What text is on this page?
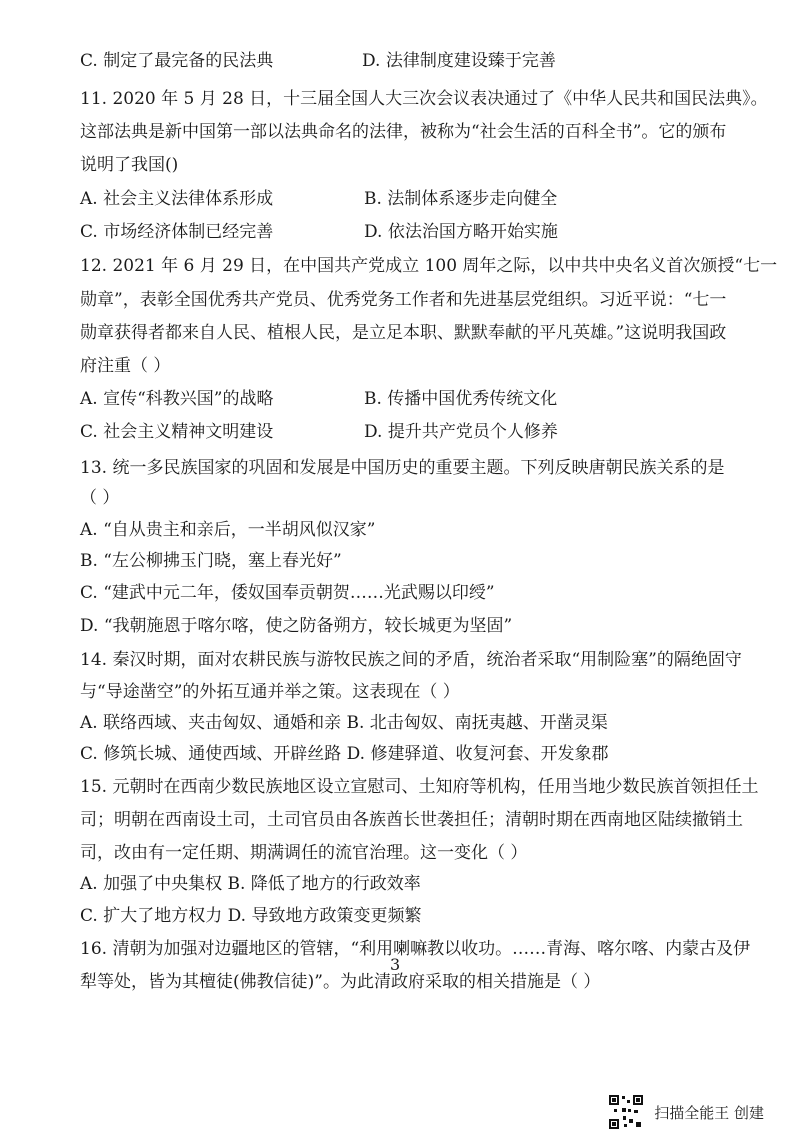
C. 制定了最完备的民法典	D. 法律制度建设臻于完善
11. 2020 年 5 月 28 日，十三届全国人大三次会议表决通过了《中华人民共和国民法典》。
这部法典是新中国第一部以法典命名的法律，被称为“社会生活的百科全书”。它的颁布
说明了我国()
A. 社会主义法律体系形成	B. 法制体系逐步走向健全
C. 市场经济体制已经完善	D. 依法治国方略开始实施
12. 2021 年 6 月 29 日，在中国共产党成立 100 周年之际，以中共中央名义首次颁授“七一
勋章”，表彰全国优秀共产党员、优秀党务工作者和先进基层党组织。习近平说：“七一
勋章获得者都来自人民、植根人民，是立足本职、默默奉献的平凡英雄。”这说明我国政
府注重（ ）
A. 宣传“科教兴国”的战略	B. 传播中国优秀传统文化
C. 社会主义精神文明建设	D. 提升共产党员个人修养
13. 统一多民族国家的巩固和发展是中国历史的重要主题。下列反映唐朝民族关系的是
（ ）
A. “自从贵主和亲后，一半胡风似汉家”
B. “左公柳拂玉门晓，塞上春光好”
C. “建武中元二年，倭奴国奉贡朝贺……光武赐以印绶”
D. “我朝施恩于喀尔喀，使之防备朔方，较长城更为坚固”
14. 秦汉时期，面对农耕民族与游牧民族之间的矛盾，统治者采取“用制险塞”的隔绝固守
与“导途凿空”的外拓互通并举之策。这表现在（ ）
A. 联络西域、夹击匈奴、通婚和亲 B. 北击匈奴、南抚夷越、开凿灵渠
C. 修筑长城、通使西域、开辟丝路 D. 修建驿道、收复河套、开发象郡
15. 元朝时在西南少数民族地区设立宣慰司、土知府等机构，任用当地少数民族首领担任土
司；明朝在西南设土司，土司官员由各族酋长世袭担任；清朝时期在西南地区陆续撤销土
司，改由有一定任期、期满调任的流官治理。这一变化（ ）
A. 加强了中央集权 B. 降低了地方的行政效率
C. 扩大了地方权力 D. 导致地方政策变更频繁
16. 清朝为加强对边疆地区的管辖，“利用喇嘛教以收功。……青海、喀尔喀、内蒙古及伊
犁等处，皆为其檀徒(佛教信徒)”。为此清政府采取的相关措施是（ ）
3
扫描全能王 创建
